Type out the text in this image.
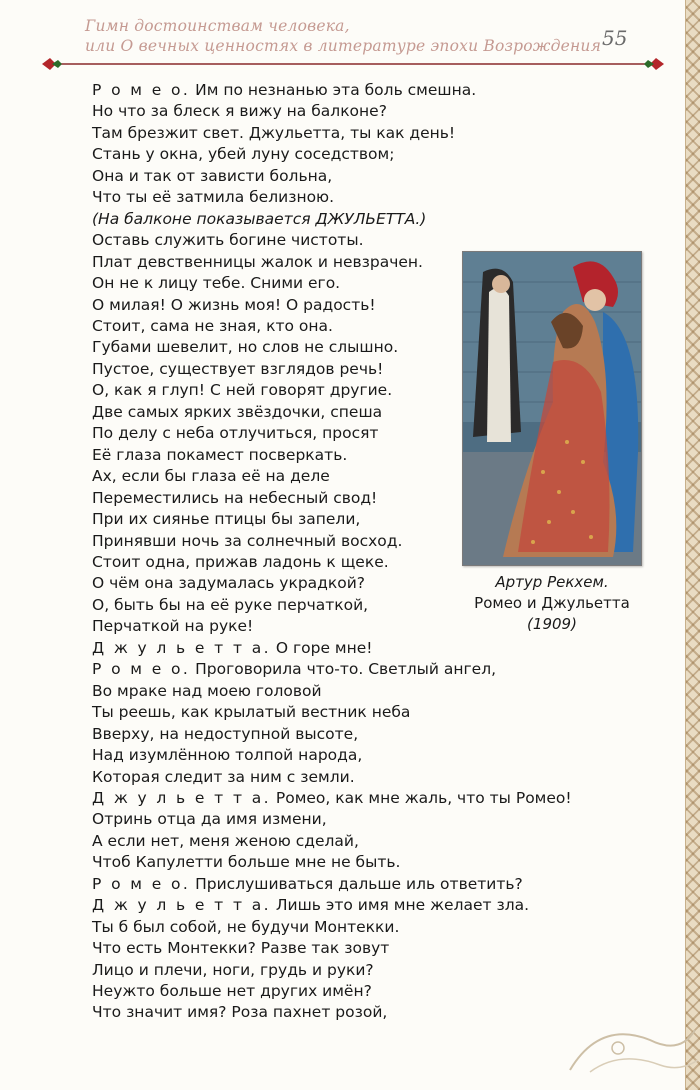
Гимн достоинствам человека,
или О вечных ценностях в литературе эпохи Возрождения 55
Р о м е о. Им по незнанью эта боль смешна.
Но что за блеск я вижу на балконе?
Там брезжит свет. Джульетта, ты как день!
Стань у окна, убей луну соседством;
Она и так от зависти больна,
Что ты её затмила белизною.
(На балконе показывается ДЖУЛЬЕТТА.)
Оставь служить богине чистоты.
Плат девственницы жалок и невзрачен.
Он не к лицу тебе. Сними его.
О милая! О жизнь моя! О радость!
Стоит, сама не зная, кто она.
Губами шевелит, но слов не слышно.
Пустое, существует взглядов речь!
О, как я глуп! С ней говорят другие.
Две самых ярких звёздочки, спеша
По делу с неба отлучиться, просят
Её глаза покамест посверкать.
Ах, если бы глаза её на деле
Переместились на небесный свод!
При их сиянье птицы бы запели,
Принявши ночь за солнечный восход.
Стоит одна, прижав ладонь к щеке.
О чём она задумалась украдкой?
О, быть бы на её руке перчаткой,
Перчаткой на руке!
Д ж у л ь е т т а. О горе мне!
Р о м е о. Проговорила что-то. Светлый ангел,
Во мраке над моею головой
Ты реешь, как крылатый вестник неба
Вверху, на недоступной высоте,
Над изумлённою толпой народа,
Которая следит за ним с земли.
Д ж у л ь е т т а. Ромео, как мне жаль, что ты Ромео!
Отринь отца да имя измени,
А если нет, меня женою сделай,
Чтоб Капулетти больше мне не быть.
Р о м е о. Прислушиваться дальше иль ответить?
Д ж у л ь е т т а. Лишь это имя мне желает зла.
Ты б был собой, не будучи Монтекки.
Что есть Монтекки? Разве так зовут
Лицо и плечи, ноги, грудь и руки?
Неужто больше нет других имён?
Что значит имя? Роза пахнет розой,
Артур Рекхем.
Ромео и Джульетта
(1909)
